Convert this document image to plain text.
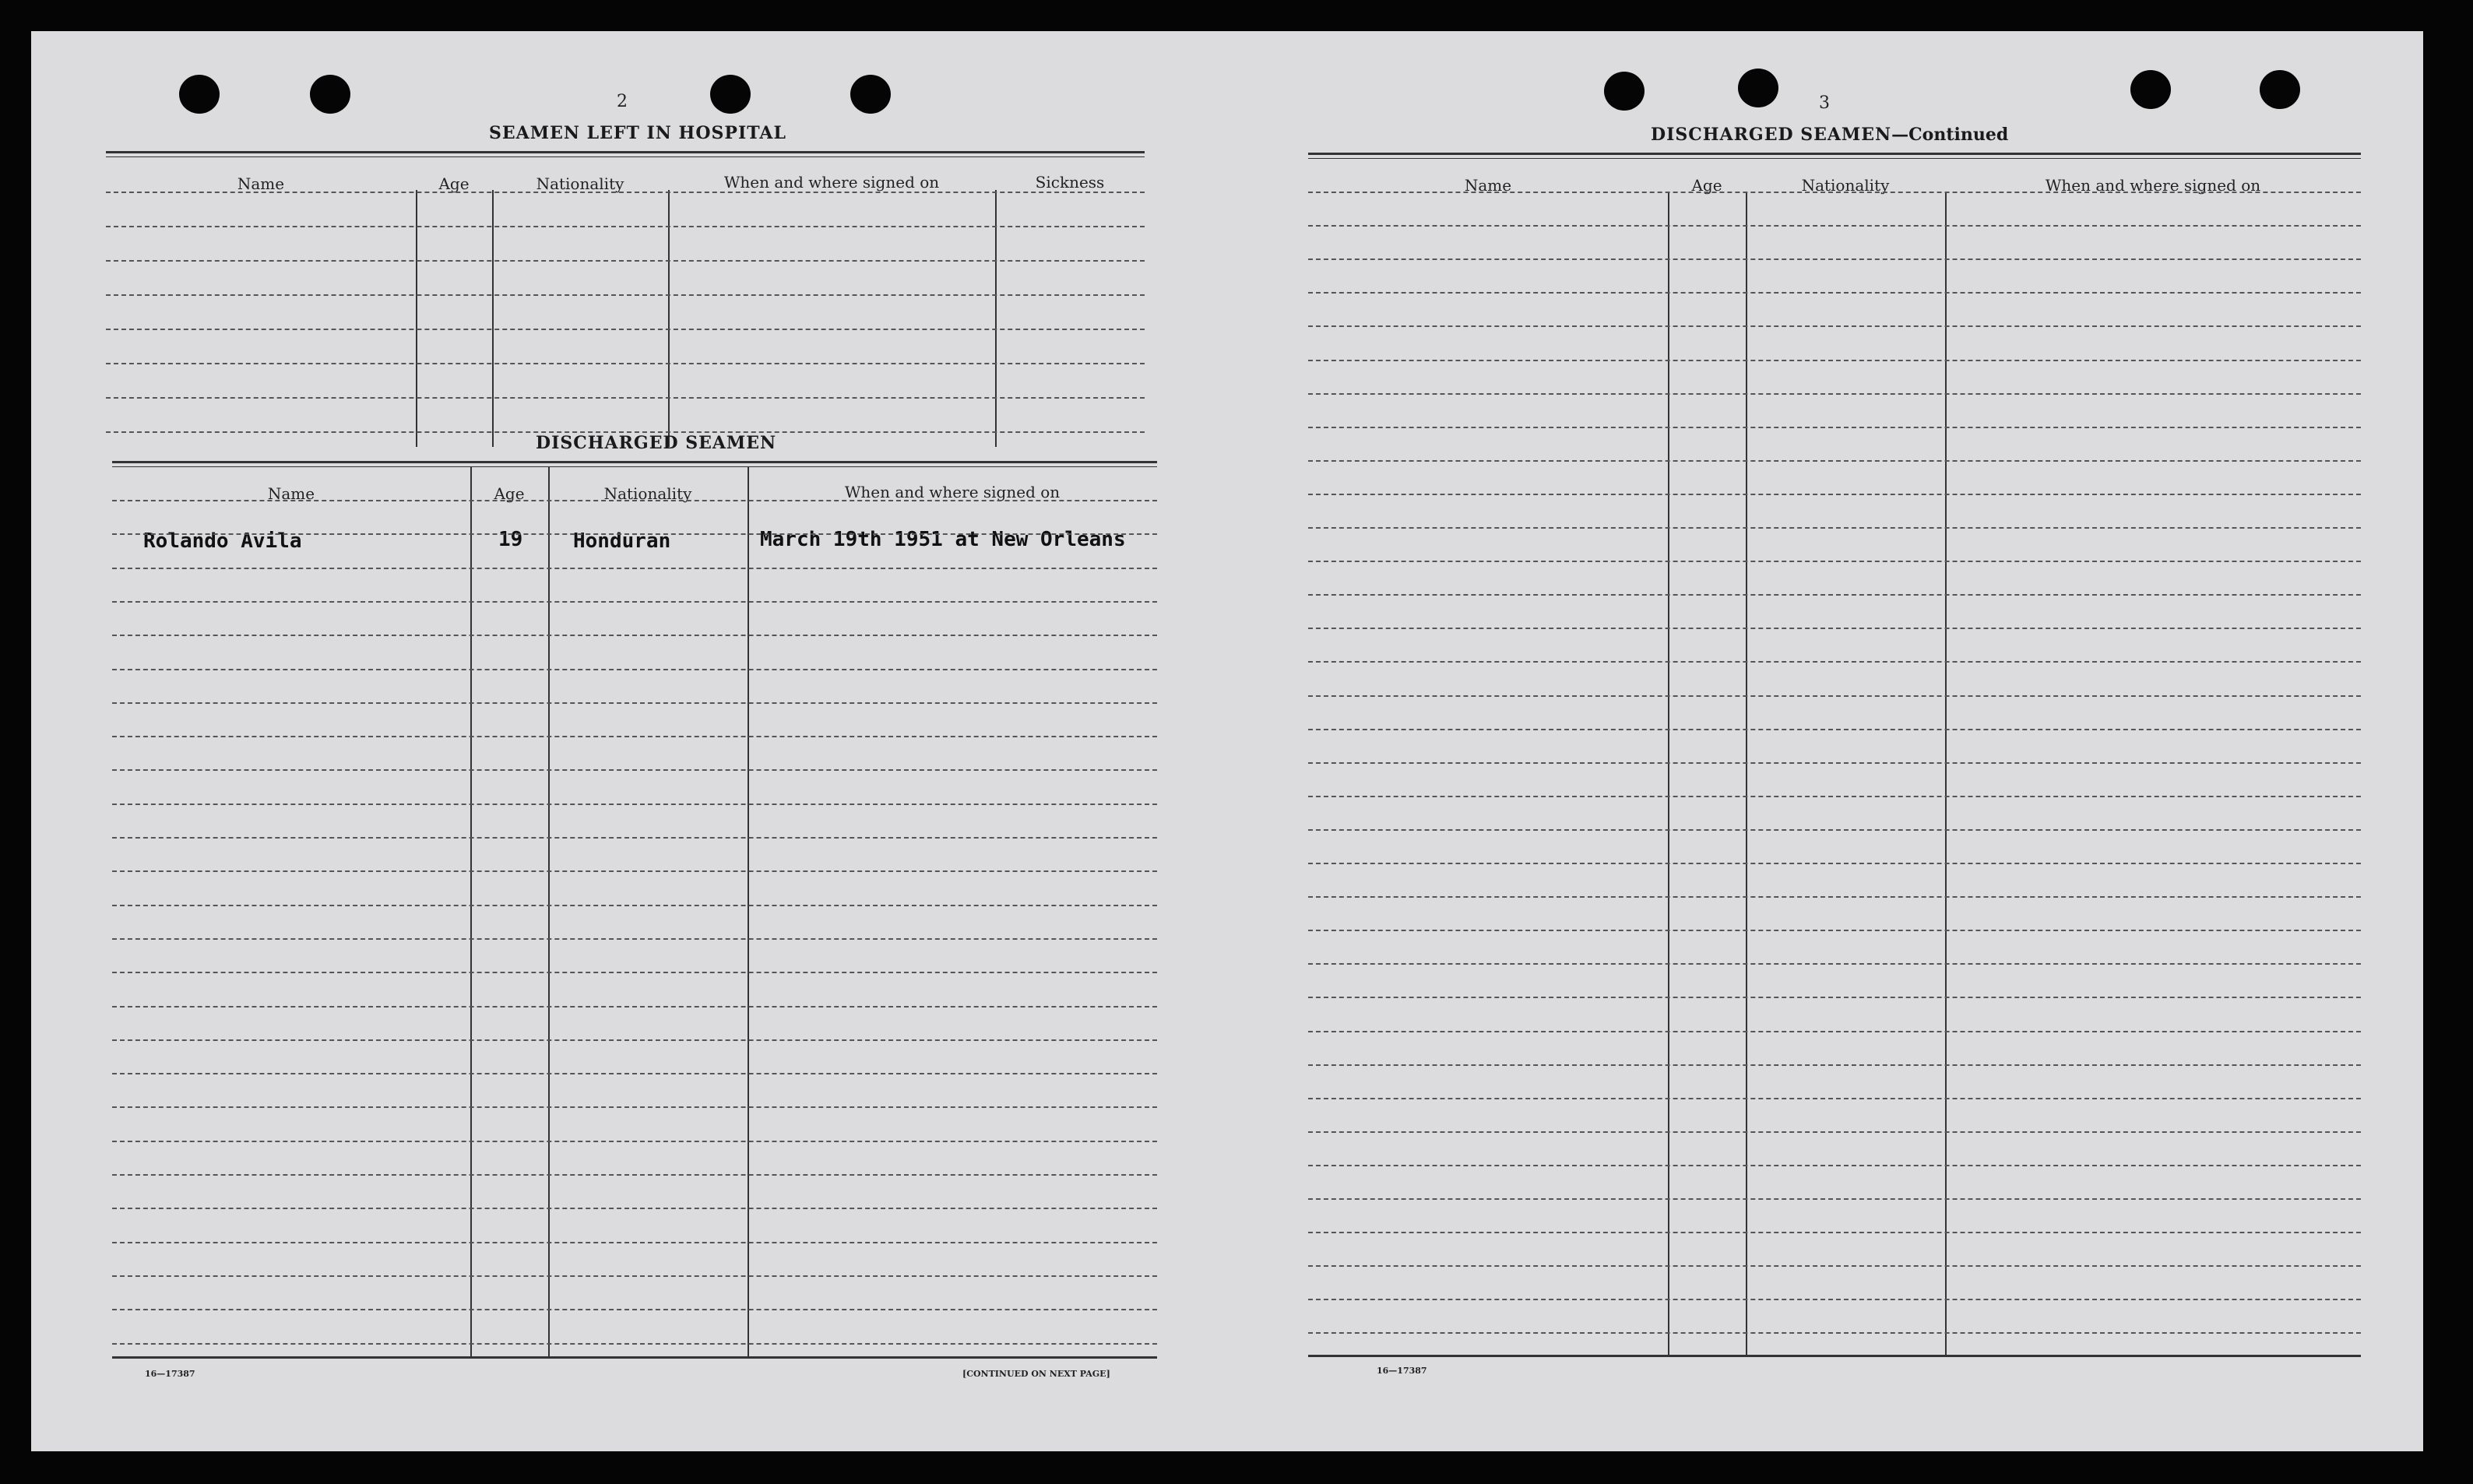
2
SEAMEN LEFT IN HOSPITAL
Name	Age	Nationality	When and where signed on	Sickness
DISCHARGED SEAMEN
Name	Age	Nationality	When and where signed on
Rolando Avila	19 Honduran	March 19th 1951 at New Orleans
16—17387	[CONTINUED ON NEXT PAGE]
3
DISCHARGED SEAMEN—Continued
Name	Age	Nationality	When and where signed on
16—17387
